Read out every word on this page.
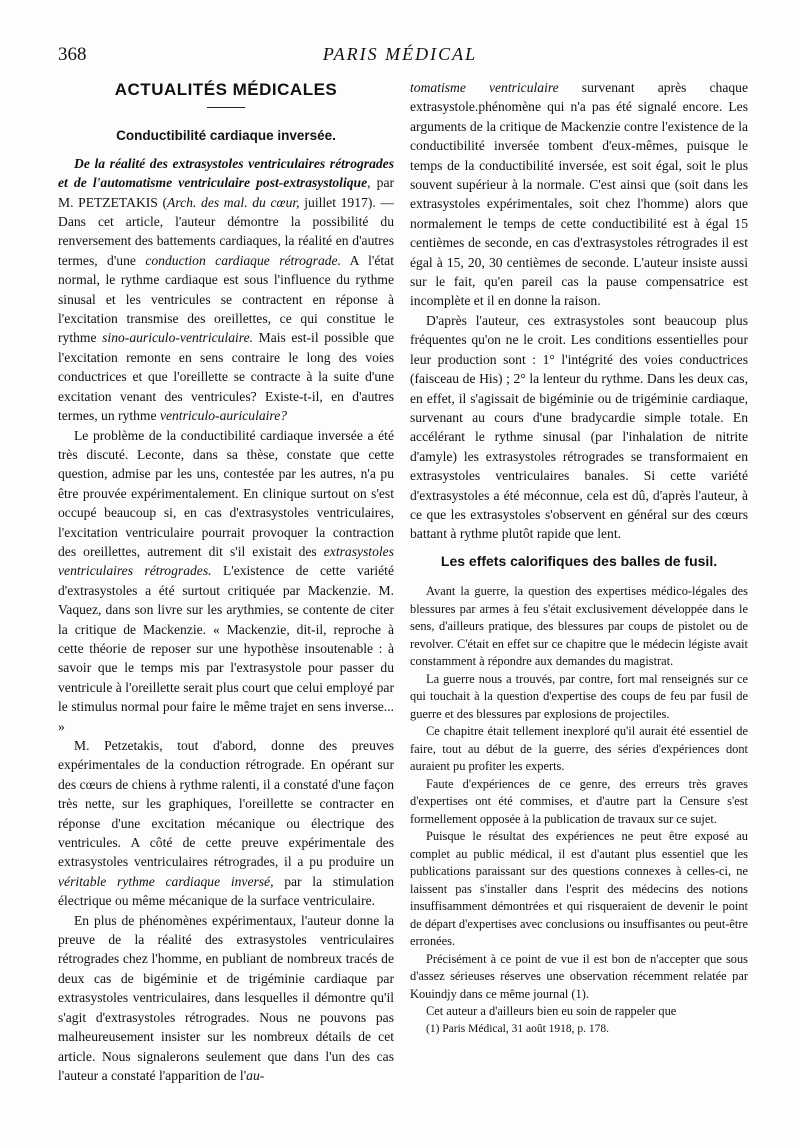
368	PARIS MÉDICAL
ACTUALITÉS MÉDICALES
Conductibilité cardiaque inversée.

De la réalité des extrasystoles ventriculaires rétrogrades et de l'automatisme ventriculaire post-extrasystolique, par M. PETZETAKIS (Arch. des mal. du cœur, juillet 1917). — Dans cet article, l'auteur démontre la possibilité du renversement des battements cardiaques, la réalité en d'autres termes, d'une conduction cardiaque rétrograde. A l'état normal, le rythme cardiaque est sous l'influence du rythme sinusal et les ventricules se contractent en réponse à l'excitation transmise des oreillettes, ce qui constitue le rythme sino-auriculo-ventriculaire. Mais est-il possible que l'excitation remonte en sens contraire le long des voies conductrices et que l'oreillette se contracte à la suite d'une excitation venant des ventricules? Existe-t-il, en d'autres termes, un rythme ventriculo-auriculaire?

Le problème de la conductibilité cardiaque inversée a été très discuté. Leconte, dans sa thèse, constate que cette question, admise par les uns, contestée par les autres, n'a pu être prouvée expérimentalement. En clinique surtout on s'est occupé beaucoup si, en cas d'extrasystoles ventriculaires, l'excitation ventriculaire pourrait provoquer la contraction des oreillettes, autrement dit s'il existait des extrasystoles ventriculaires rétrogrades. L'existence de cette variété d'extrasystoles a été surtout critiquée par Mackenzie. M. Vaquez, dans son livre sur les arythmies, se contente de citer la critique de Mackenzie. « Mackenzie, dit-il, reproche à cette théorie de reposer sur une hypothèse insoutenable : à savoir que le temps mis par l'extrasystole pour passer du ventricule à l'oreillette serait plus court que celui employé par le stimulus normal pour faire le même trajet en sens inverse... »

M. Petzetakis, tout d'abord, donne des preuves expérimentales de la conduction rétrograde. En opérant sur des cœurs de chiens à rythme ralenti, il a constaté d'une façon très nette, sur les graphiques, l'oreillette se contracter en réponse d'une excitation mécanique ou électrique des ventricules. A côté de cette preuve expérimentale des extrasystoles ventriculaires rétrogrades, il a pu produire un véritable rythme cardiaque inversé, par la stimulation électrique ou même mécanique de la surface ventriculaire.

En plus de phénomènes expérimentaux, l'auteur donne la preuve de la réalité des extrasystoles ventriculaires rétrogrades chez l'homme, en publiant de nombreux tracés de deux cas de bigéminie et de trigéminie cardiaque par extrasystoles ventriculaires, dans lesquelles il démontre qu'il s'agit d'extrasystoles rétrogrades. Nous ne pouvons pas malheureusement insister sur les nombreux détails de cet article. Nous signalerons seulement que dans l'un des cas l'auteur a constaté l'apparition de l'au-

tomatisme ventriculaire survenant après chaque extrasystole.phénomène qui n'a pas été signalé encore. Les arguments de la critique de Mackenzie contre l'existence de la conductibilité inversée tombent d'eux-mêmes, puisque le temps de la conductibilité inversée, est soit égal, soit le plus souvent supérieur à la normale. C'est ainsi que (soit dans les extrasystoles expérimentales, soit chez l'homme) alors que normalement le temps de cette conductibilité est à égal 15 centièmes de seconde, en cas d'extrasystoles rétrogrades il est égal à 15, 20, 30 centièmes de seconde. L'auteur insiste aussi sur le fait, qu'en pareil cas la pause compensatrice est incomplète et il en donne la raison.

D'après l'auteur, ces extrasystoles sont beaucoup plus fréquentes qu'on ne le croit. Les conditions essentielles pour leur production sont : 1° l'intégrité des voies conductrices (faisceau de His) ; 2° la lenteur du rythme. Dans les deux cas, en effet, il s'agissait de bigéminie ou de trigéminie cardiaque, survenant au cours d'une bradycardie simple totale. En accélérant le rythme sinusal (par l'inhalation de nitrite d'amyle) les extrasystoles rétrogrades se transformaient en extrasystoles ventriculaires banales. Si cette variété d'extrasystoles a été méconnue, cela est dû, d'après l'auteur, à ce que les extrasystoles s'observent en général sur des cœurs battant à rythme plutôt rapide que lent.

Les effets calorifiques des balles de fusil.

Avant la guerre, la question des expertises médico-légales des blessures par armes à feu s'était exclusivement développée dans le sens, d'ailleurs pratique, des blessures par coups de pistolet ou de revolver. C'était en effet sur ce chapitre que le médecin légiste avait constamment à répondre aux demandes du magistrat.

La guerre nous a trouvés, par contre, fort mal renseignés sur ce qui touchait à la question d'expertise des coups de feu par fusil de guerre et des blessures par explosions de projectiles.

Ce chapitre était tellement inexploré qu'il aurait été essentiel de faire, tout au début de la guerre, des séries d'expériences dont auraient pu profiter les experts.

Faute d'expériences de ce genre, des erreurs très graves d'expertises ont été commises, et d'autre part la Censure s'est formellement opposée à la publication de travaux sur ce sujet.

Puisque le résultat des expériences ne peut être exposé au complet au public médical, il est d'autant plus essentiel que les publications paraissant sur des questions connexes à celles-ci, ne laissent pas s'installer dans l'esprit des médecins des notions insuffisamment démontrées et qui risqueraient de devenir le point de départ d'expertises avec conclusions ou insuffisantes ou peut-être erronées.

Précisément à ce point de vue il est bon de n'accepter que sous d'assez sérieuses réserves une observation récemment relatée par Kouindjy dans ce même journal (1).

Cet auteur a d'ailleurs bien eu soin de rappeler que

(1) Paris Médical, 31 août 1918, p. 178.
